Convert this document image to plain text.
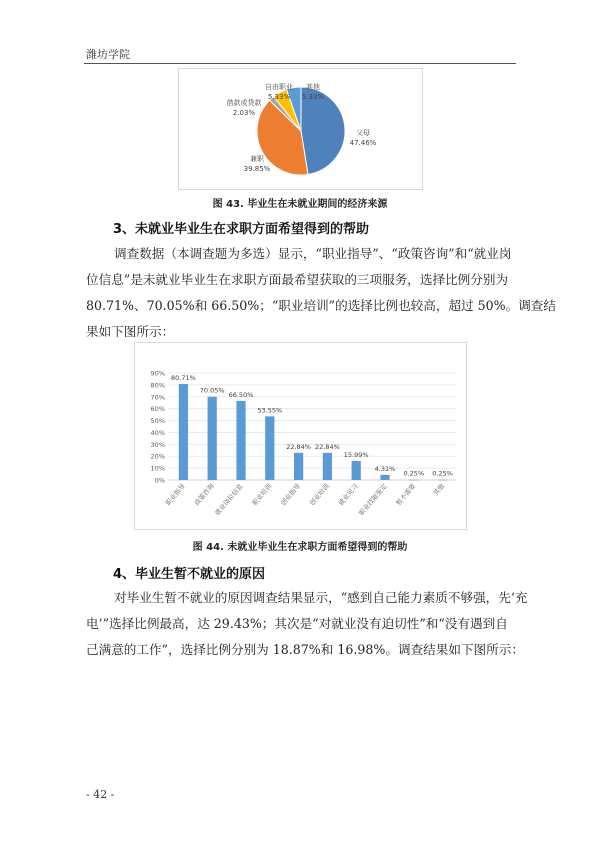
潍坊学院
自由职业
5.33%
其他
5.33%
借款或贷款
2.03%
父母
47.46%
兼职
39.85%
图 43. 毕业生在未就业期间的经济来源
3、未就业毕业生在求职方面希望得到的帮助
调查数据（本调查题为多选）显示，“职业指导”、“政策咨询”和“就业岗
位信息”是未就业毕业生在求职方面最希望获取的三项服务，选择比例分别为
80.71%、70.05%和 66.50%；“职业培训”的选择比例也较高，超过 50%。调查结
果如下图所示：
0%
10%
20%
30%
40%
50%
60%
70%
80%
90%
80.71%
职业指导
70.05%
政策咨询
66.50%
就业岗位信息
53.55%
职业培训
22.84%
创业指导
22.84%
创业培训
15.99%
就业见习
4.31%
职业技能鉴定
0.25%
暂不需要
0.25%
其他
图 44. 未就业毕业生在求职方面希望得到的帮助
4、毕业生暂不就业的原因
对毕业生暂不就业的原因调查结果显示，“感到自己能力素质不够强，先‘充
电’”选择比例最高，达 29.43%；其次是“对就业没有迫切性”和“没有遇到自
己满意的工作”，选择比例分别为 18.87%和 16.98%。调查结果如下图所示：
- 42 -
